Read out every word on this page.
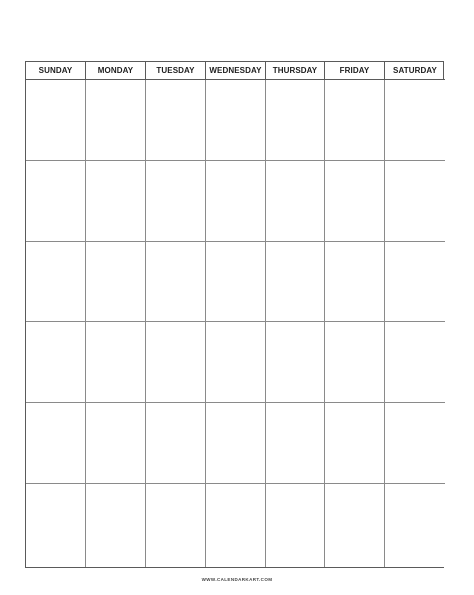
SUNDAY	MONDAY	TUESDAY	WEDNESDAY	THURSDAY	FRIDAY	SATURDAY
WWW.CALENDARKART.COM
